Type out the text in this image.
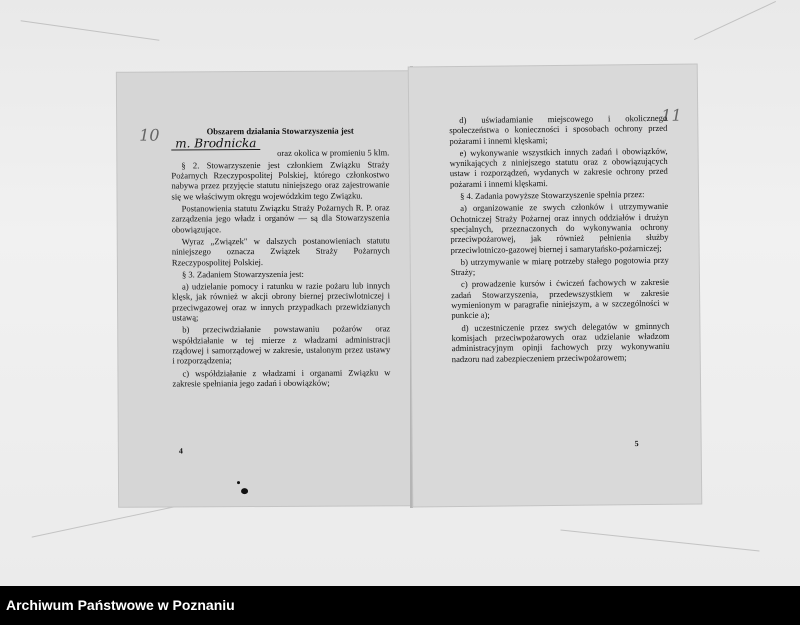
10	Obszarem działania Stowarzyszenia jest

m. Brodnicka

oraz okolica w promieniu 5 klm.

§ 2. Stowarzyszenie jest członkiem Związku Straży Pożarnych Rzeczypospolitej Polskiej, którego członkostwo nabywa przez przyjęcie statutu niniejszego oraz zajestrowanie się we właściwym okręgu wojewódzkim tego Związku.

Postanowienia statutu Związku Straży Pożarnych R. P. oraz zarządzenia jego władz i organów — są dla Stowarzyszenia obowiązujące.

Wyraz „Związek" w dalszych postanowieniach statutu niniejszego oznacza Związek Straży Pożarnych Rzeczypospolitej Polskiej.

§ 3. Zadaniem Stowarzyszenia jest:

a) udzielanie pomocy i ratunku w razie pożaru lub innych klęsk, jak również w akcji obrony biernej przeciwlotniczej i przeciwgazowej oraz w innych przypadkach przewidzianych ustawą;

b) przeciwdziałanie powstawaniu pożarów oraz współdziałanie w tej mierze z władzami administracji rządowej i samorządowej w zakresie, ustalonym przez ustawy i rozporządzenia;

c) współdziałanie z władzami i organami Związku w zakresie spełniania jego zadań i obowiązków;

4
11

d) uświadamianie miejscowego i okolicznego społeczeństwa o konieczności i sposobach ochrony przed pożarami i innemi klęskami;

e) wykonywanie wszystkich innych zadań i obowiązków, wynikających z niniejszego statutu oraz z obowiązujących ustaw i rozporządzeń, wydanych w zakresie ochrony przed pożarami i innemi klęskami.

§ 4. Zadania powyższe Stowarzyszenie spełnia przez:

a) organizowanie ze swych członków i utrzymywanie Ochotniczej Straży Pożarnej oraz innych oddziałów i drużyn specjalnych, przeznaczonych do wykonywania ochrony przeciwpożarowej, jak również pełnienia służby przeciwlotniczo-gazowej biernej i samarytańsko-pożarniczej;

b) utrzymywanie w miarę potrzeby stałego pogotowia przy Straży;

c) prowadzenie kursów i ćwiczeń fachowych w zakresie zadań Stowarzyszenia, przedewszystkiem w zakresie wymienionym w paragrafie niniejszym, a w szczególności w punkcie a);

d) uczestniczenie przez swych delegatów w gminnych komisjach przeciwpożarowych oraz udzielanie władzom administracyjnym opinji fachowych przy wykonywaniu nadzoru nad zabezpieczeniem przeciwpożarowem;

5
Archiwum Państwowe w Poznaniu
